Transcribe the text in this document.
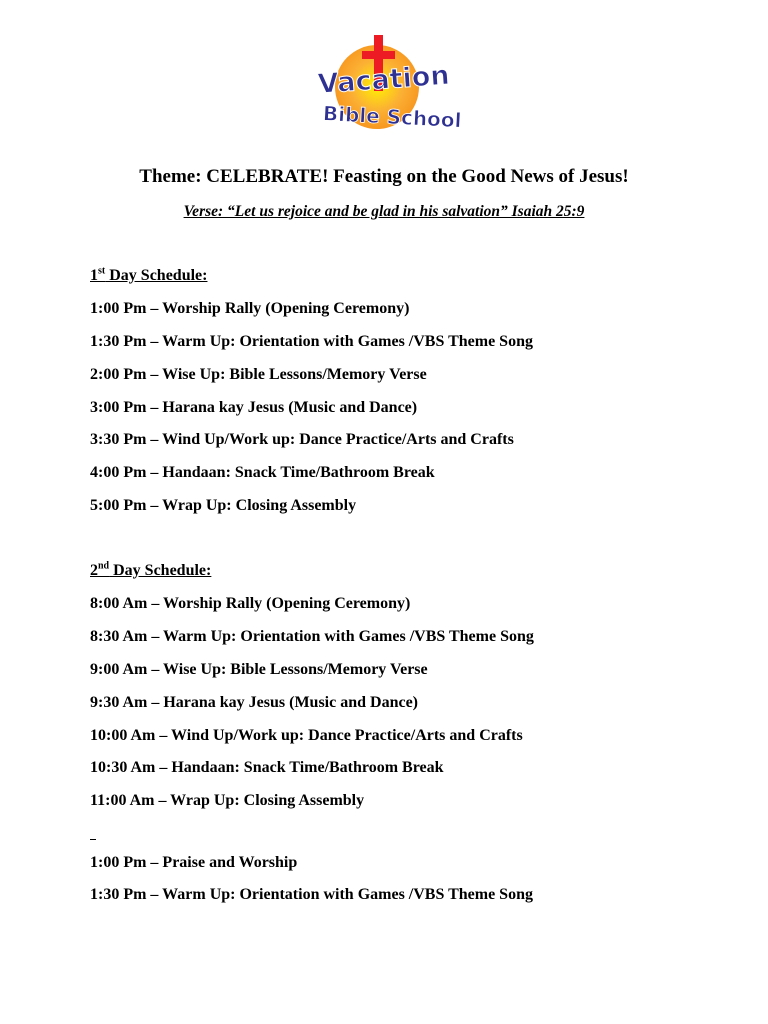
Vacation
Bible School
Theme: CELEBRATE! Feasting on the Good News of Jesus!
Verse: “Let us rejoice and be glad in his salvation” Isaiah 25:9
1st Day Schedule:
1:00 Pm – Worship Rally (Opening Ceremony)
1:30 Pm – Warm Up: Orientation with Games /VBS Theme Song
2:00 Pm – Wise Up: Bible Lessons/Memory Verse
3:00 Pm – Harana kay Jesus (Music and Dance)
3:30 Pm – Wind Up/Work up: Dance Practice/Arts and Crafts
4:00 Pm – Handaan: Snack Time/Bathroom Break
5:00 Pm – Wrap Up: Closing Assembly
2nd Day Schedule:
8:00 Am – Worship Rally (Opening Ceremony)
8:30 Am – Warm Up: Orientation with Games /VBS Theme Song
9:00 Am – Wise Up: Bible Lessons/Memory Verse
9:30 Am – Harana kay Jesus (Music and Dance)
10:00 Am – Wind Up/Work up: Dance Practice/Arts and Crafts
10:30 Am – Handaan: Snack Time/Bathroom Break
11:00 Am – Wrap Up: Closing Assembly
1:00 Pm – Praise and Worship
1:30 Pm – Warm Up: Orientation with Games /VBS Theme Song
